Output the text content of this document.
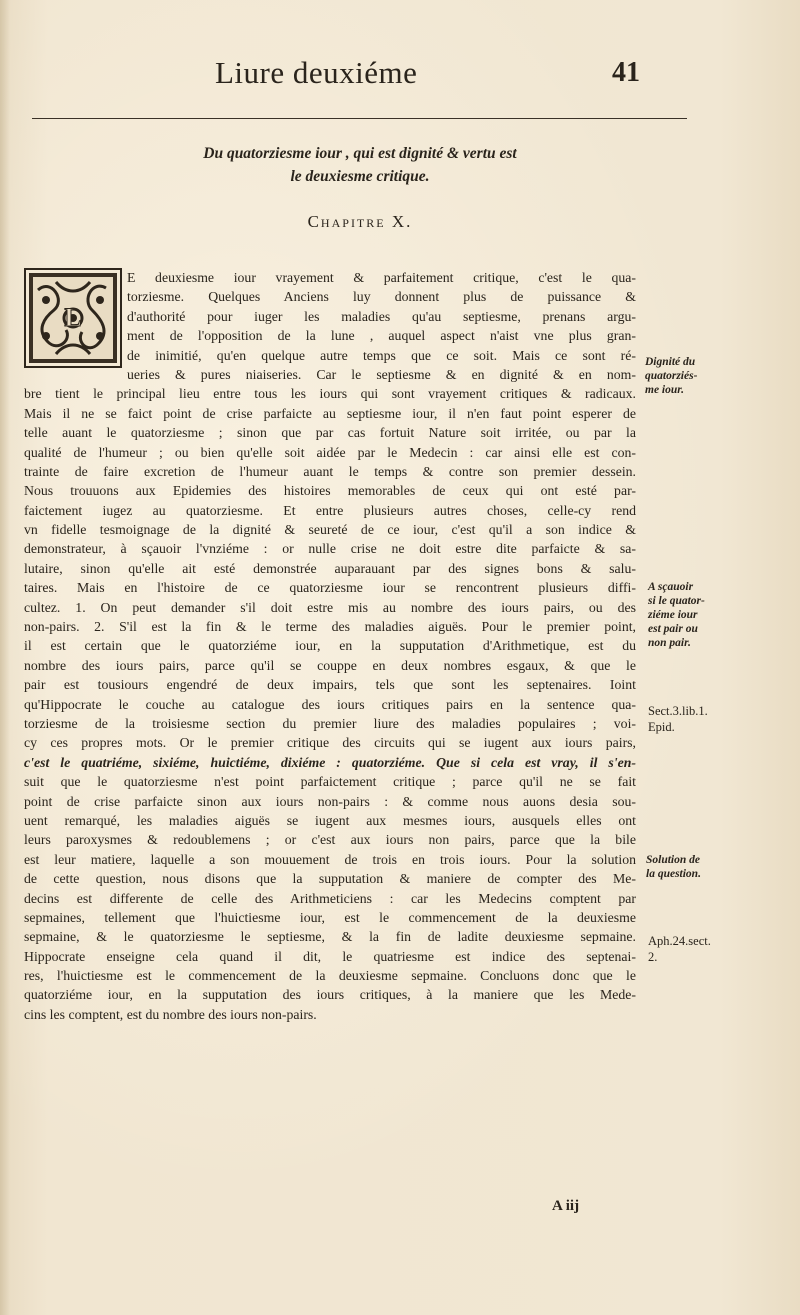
Liure deuxiéme	41
Du quatorziesme iour , qui est dignité & vertu est
le deuxiesme critique.
Chapitre X.
L
E deuxiesme iour vrayement & parfaitement critique, c'est le qua-
torziesme. Quelques Anciens luy donnent plus de puissance &
d'authorité pour iuger les maladies qu'au septiesme, prenans argu-
ment de l'opposition de la lune , auquel aspect n'aist vne plus gran-
de inimitié, qu'en quelque autre temps que ce soit. Mais ce sont ré-
ueries & pures niaiseries. Car le septiesme & en dignité & en nom-
bre tient le principal lieu entre tous les iours qui sont vrayement critiques & radicaux.
Mais il ne se faict point de crise parfaicte au septiesme iour, il n'en faut point esperer de
telle auant le quatorziesme ; sinon que par cas fortuit Nature soit irritée, ou par la
qualité de l'humeur ; ou bien qu'elle soit aidée par le Medecin : car ainsi elle est con-
trainte de faire excretion de l'humeur auant le temps & contre son premier dessein.
Nous trouuons aux Epidemies des histoires memorables de ceux qui ont esté par-
faictement iugez au quatorziesme. Et entre plusieurs autres choses, celle-cy rend
vn fidelle tesmoignage de la dignité & seureté de ce iour, c'est qu'il a son indice &
demonstrateur, à sçauoir l'vnziéme : or nulle crise ne doit estre dite parfaicte & sa-
lutaire, sinon qu'elle ait esté demonstrée auparauant par des signes bons & salu-
taires. Mais en l'histoire de ce quatorziesme iour se rencontrent plusieurs diffi-
cultez. 1. On peut demander s'il doit estre mis au nombre des iours pairs, ou des
non-pairs. 2. S'il est la fin & le terme des maladies aiguës. Pour le premier point,
il est certain que le quatorziéme iour, en la supputation d'Arithmetique, est du
nombre des iours pairs, parce qu'il se couppe en deux nombres esgaux, & que le
pair est tousiours engendré de deux impairs, tels que sont les septenaires. Ioint
qu'Hippocrate le couche au catalogue des iours critiques pairs en la sentence qua-
torziesme de la troisiesme section du premier liure des maladies populaires ; voi-
cy ces propres mots. Or le premier critique des circuits qui se iugent aux iours pairs,
c'est le quatriéme, sixiéme, huictiéme, dixiéme : quatorziéme. Que si cela est vray, il s'en-
suit que le quatorziesme n'est point parfaictement critique ; parce qu'il ne se fait
point de crise parfaicte sinon aux iours non-pairs : & comme nous auons desia sou-
uent remarqué, les maladies aiguës se iugent aux mesmes iours, ausquels elles ont
leurs paroxysmes & redoublemens ; or c'est aux iours non pairs, parce que la bile
est leur matiere, laquelle a son mouuement de trois en trois iours. Pour la solution
de cette question, nous disons que la supputation & maniere de compter des Me-
decins est differente de celle des Arithmeticiens : car les Medecins comptent par
sepmaines, tellement que l'huictiesme iour, est le commencement de la deuxiesme
sepmaine, & le quatorziesme le septiesme, & la fin de ladite deuxiesme sepmaine.
Hippocrate enseigne cela quand il dit, le quatriesme est indice des septenai-
res, l'huictiesme est le commencement de la deuxiesme sepmaine. Concluons donc que le
quatorziéme iour, en la supputation des iours critiques, à la maniere que les Mede-
cins les comptent, est du nombre des iours non-pairs.
Dignité du
quatorziés-
me iour.
A sçauoir
si le quator-
ziéme iour
est pair ou
non pair.
Sect.3.lib.1.
Epid.
Solution de
la question.
Aph.24.sect.
2.
A iij
